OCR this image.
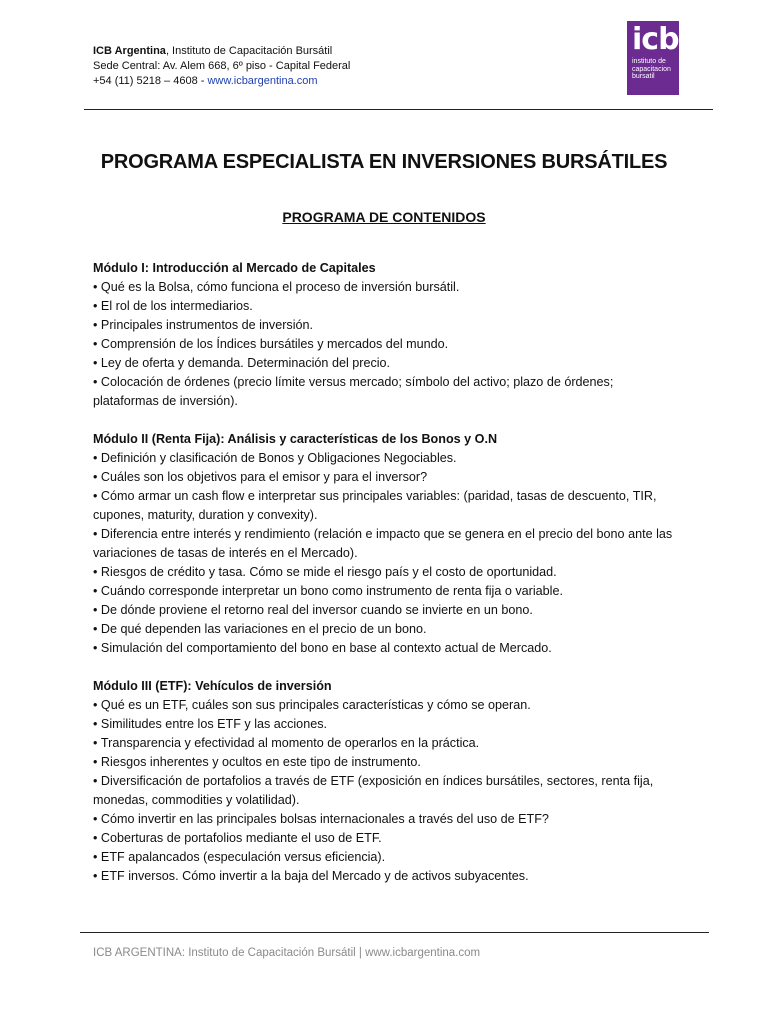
ICB Argentina, Instituto de Capacitación Bursátil
Sede Central: Av. Alem 668, 6º piso - Capital Federal
+54 (11) 5218 – 4608 - www.icbargentina.com
icb
instituto de
capacitacion
bursatil
PROGRAMA ESPECIALISTA EN INVERSIONES BURSÁTILES
PROGRAMA DE CONTENIDOS
Módulo I: Introducción al Mercado de Capitales
• Qué es la Bolsa, cómo funciona el proceso de inversión bursátil.
• El rol de los intermediarios.
• Principales instrumentos de inversión.
• Comprensión de los Índices bursátiles y mercados del mundo.
• Ley de oferta y demanda. Determinación del precio.
• Colocación de órdenes (precio límite versus mercado; símbolo del activo; plazo de órdenes; plataformas de inversión).
Módulo II (Renta Fija): Análisis y características de los Bonos y O.N
• Definición y clasificación de Bonos y Obligaciones Negociables.
• Cuáles son los objetivos para el emisor y para el inversor?
• Cómo armar un cash flow e interpretar sus principales variables: (paridad, tasas de descuento, TIR, cupones, maturity, duration y convexity).
• Diferencia entre interés y rendimiento (relación e impacto que se genera en el precio del bono ante las variaciones de tasas de interés en el Mercado).
• Riesgos de crédito y tasa. Cómo se mide el riesgo país y el costo de oportunidad.
• Cuándo corresponde interpretar un bono como instrumento de renta fija o variable.
• De dónde proviene el retorno real del inversor cuando se invierte en un bono.
• De qué dependen las variaciones en el precio de un bono.
• Simulación del comportamiento del bono en base al contexto actual de Mercado.
Módulo III (ETF): Vehículos de inversión
• Qué es un ETF, cuáles son sus principales características y cómo se operan.
• Similitudes entre los ETF y las acciones.
• Transparencia y efectividad al momento de operarlos en la práctica.
• Riesgos inherentes y ocultos en este tipo de instrumento.
• Diversificación de portafolios a través de ETF (exposición en índices bursátiles, sectores, renta fija, monedas, commodities y volatilidad).
• Cómo invertir en las principales bolsas internacionales a través del uso de ETF?
• Coberturas de portafolios mediante el uso de ETF.
• ETF apalancados (especulación versus eficiencia).
• ETF inversos. Cómo invertir a la baja del Mercado y de activos subyacentes.
ICB ARGENTINA: Instituto de Capacitación Bursátil | www.icbargentina.com
